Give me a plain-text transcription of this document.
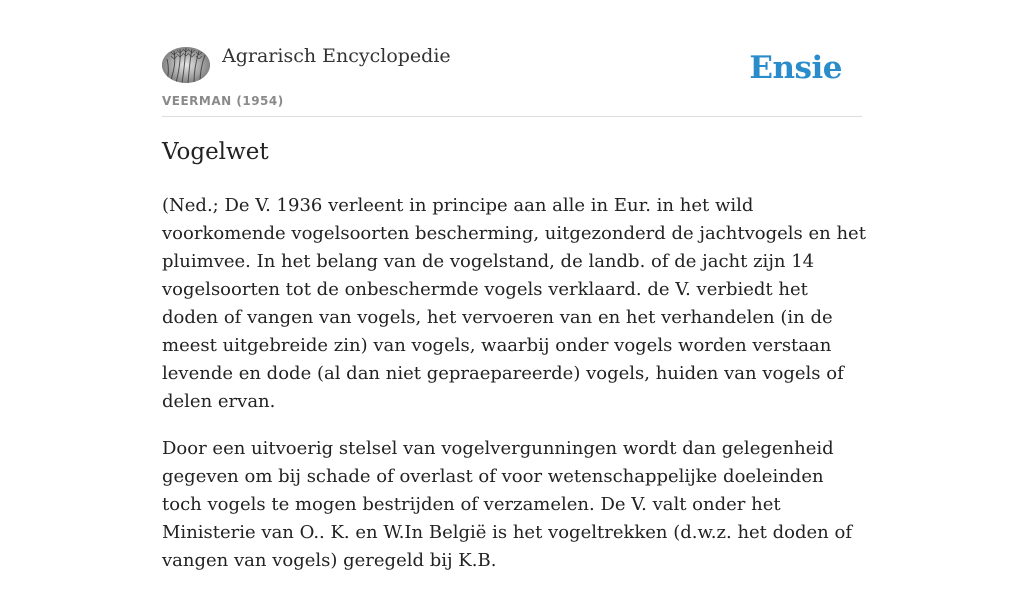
Agrarisch Encyclopedie
VEERMAN (1954)
Ensie
Vogelwet

(Ned.; De V. 1936 verleent in principe aan alle in Eur. in het wild voorkomende vogelsoorten bescherming, uitgezonderd de jachtvogels en het pluimvee. In het belang van de vogelstand, de landb. of de jacht zijn 14 vogelsoorten tot de onbeschermde vogels verklaard. de V. verbiedt het doden of vangen van vogels, het vervoeren van en het verhandelen (in de meest uitgebreide zin) van vogels, waarbij onder vogels worden verstaan levende en dode (al dan niet gepraepareerde) vogels, huiden van vogels of delen ervan.

Door een uitvoerig stelsel van vogelvergunningen wordt dan gelegenheid gegeven om bij schade of overlast of voor wetenschappelijke doeleinden toch vogels te mogen bestrijden of verzamelen. De V. valt onder het Ministerie van O.. K. en W.In België is het vogeltrekken (d.w.z. het doden of vangen van vogels) geregeld bij K.B.
